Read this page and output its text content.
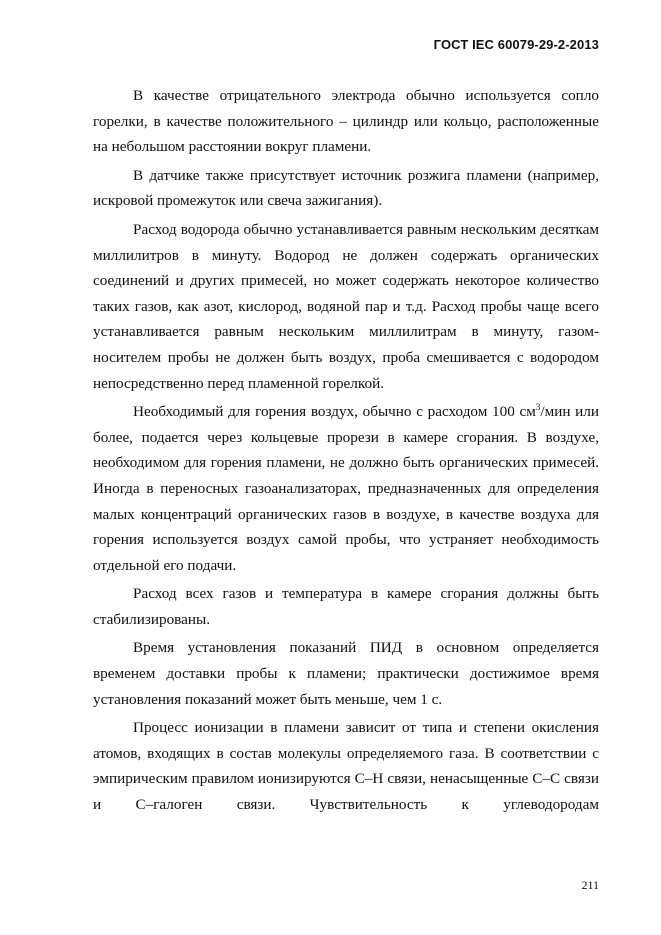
ГОСТ IEC 60079-29-2-2013

В качестве отрицательного электрода обычно используется сопло горелки, в качестве положительного – цилиндр или кольцо, расположенные на небольшом расстоянии вокруг пламени.

В датчике также присутствует источник розжига пламени (например, искровой промежуток или свеча зажигания).

Расход водорода обычно устанавливается равным нескольким десяткам миллилитров в минуту. Водород не должен содержать органических соединений и других примесей, но может содержать некоторое количество таких газов, как азот, кислород, водяной пар и т.д. Расход пробы чаще всего устанавливается равным нескольким миллилитрам в минуту, газом-носителем пробы не должен быть воздух, проба смешивается с водородом непосредственно перед пламенной горелкой.

Необходимый для горения воздух, обычно с расходом 100 $см^3$/мин или более, подается через кольцевые прорези в камере сгорания. В воздухе, необходимом для горения пламени, не должно быть органических примесей. Иногда в переносных газоанализаторах, предназначенных для определения малых концентраций органических газов в воздухе, в качестве воздуха для горения используется воздух самой пробы, что устраняет необходимость отдельной его подачи.

Расход всех газов и температура в камере сгорания должны быть стабилизированы.

Время установления показаний ПИД в основном определяется временем доставки пробы к пламени; практически достижимое время установления показаний может быть меньше, чем 1 с.

Процесс ионизации в пламени зависит от типа и степени окисления атомов, входящих в состав молекулы определяемого газа. В соответствии с эмпирическим правилом ионизируются С–Н связи, ненасыщенные С–С связи и С–галоген связи. Чувствительность к углеводородам

211
